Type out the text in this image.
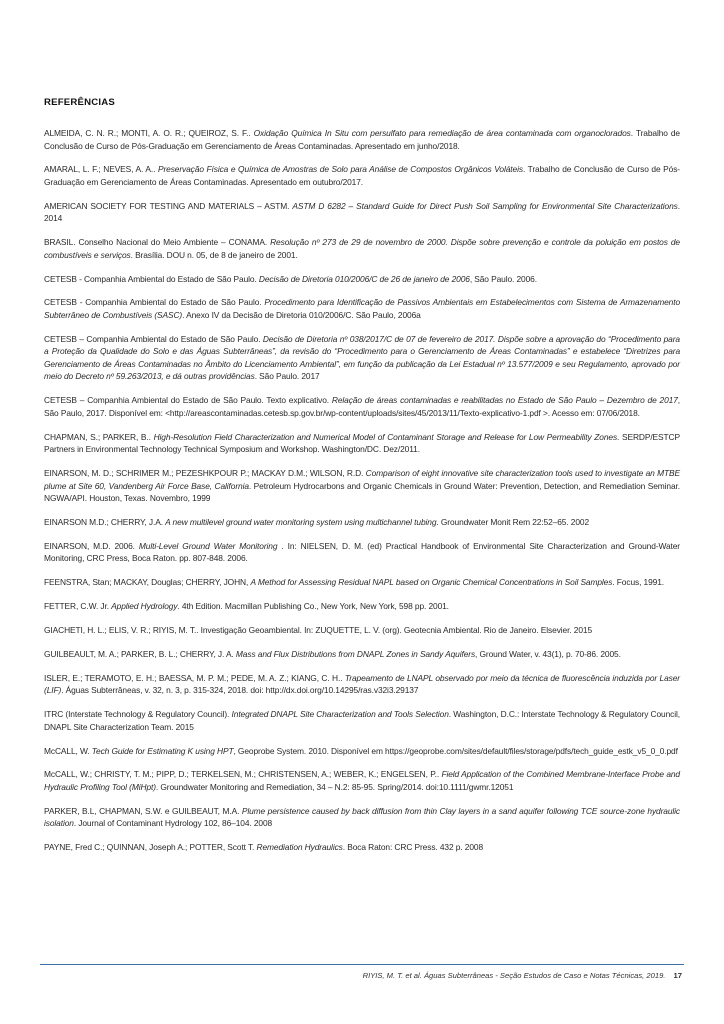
REFERÊNCIAS

ALMEIDA, C. N. R.; MONTI, A. O. R.; QUEIROZ, S. F.. Oxidação Química In Situ com persulfato para remediação de área contaminada com organoclorados. Trabalho de Conclusão de Curso de Pós-Graduação em Gerenciamento de Áreas Contaminadas. Apresentado em junho/2018.

AMARAL, L. F.; NEVES, A. A.. Preservação Física e Química de Amostras de Solo para Análise de Compostos Orgânicos Voláteis. Trabalho de Conclusão de Curso de Pós-Graduação em Gerenciamento de Áreas Contaminadas. Apresentado em outubro/2017.

AMERICAN SOCIETY FOR TESTING AND MATERIALS – ASTM. ASTM D 6282 – Standard Guide for Direct Push Soil Sampling for Environmental Site Characterizations. 2014

BRASIL. Conselho Nacional do Meio Ambiente – CONAMA. Resolução nº 273 de 29 de novembro de 2000. Dispõe sobre prevenção e controle da poluição em postos de combustíveis e serviços. Brasília. DOU n. 05, de 8 de janeiro de 2001.

CETESB - Companhia Ambiental do Estado de São Paulo. Decisão de Diretoria 010/2006/C de 26 de janeiro de 2006, São Paulo. 2006.

CETESB - Companhia Ambiental do Estado de São Paulo. Procedimento para Identificação de Passivos Ambientais em Estabelecimentos com Sistema de Armazenamento Subterrâneo de Combustíveis (SASC). Anexo IV da Decisão de Diretoria 010/2006/C. São Paulo, 2006a

CETESB – Companhia Ambiental do Estado de São Paulo. Decisão de Diretoria nº 038/2017/C de 07 de fevereiro de 2017. Dispõe sobre a aprovação do “Procedimento para a Proteção da Qualidade do Solo e das Águas Subterrâneas”, da revisão do “Procedimento para o Gerenciamento de Áreas Contaminadas” e estabelece “Diretrizes para Gerenciamento de Áreas Contaminadas no Âmbito do Licenciamento Ambiental”, em função da publicação da Lei Estadual nº 13.577/2009 e seu Regulamento, aprovado por meio do Decreto nº 59.263/2013, e dá outras providências. São Paulo. 2017

CETESB – Companhia Ambiental do Estado de São Paulo. Texto explicativo. Relação de áreas contaminadas e reabilitadas no Estado de São Paulo – Dezembro de 2017, São Paulo, 2017. Disponível em: <http://areascontaminadas.cetesb.sp.gov.br/wp-content/uploads/sites/45/2013/11/Texto-explicativo-1.pdf >. Acesso em: 07/06/2018.

CHAPMAN, S.; PARKER, B.. High-Resolution Field Characterization and Numerical Model of Contaminant Storage and Release for Low Permeability Zones. SERDP/ESTCP Partners in Environmental Technology Technical Symposium and Workshop. Washington/DC. Dez/2011.

EINARSON, M. D.; SCHRIMER M.; PEZESHKPOUR P.; MACKAY D.M.; WILSON, R.D. Comparison of eight innovative site characterization tools used to investigate an MTBE plume at Site 60, Vandenberg Air Force Base, California. Petroleum Hydrocarbons and Organic Chemicals in Ground Water: Prevention, Detection, and Remediation Seminar. NGWA/API. Houston, Texas. Novembro, 1999

EINARSON M.D.; CHERRY, J.A. A new multilevel ground water monitoring system using multichannel tubing. Groundwater Monit Rem 22:52–65. 2002

EINARSON, M.D. 2006. Multi-Level Ground Water Monitoring . In: NIELSEN, D. M. (ed) Practical Handbook of Environmental Site Characterization and Ground-Water Monitoring, CRC Press, Boca Raton. pp. 807-848. 2006.

FEENSTRA, Stan; MACKAY, Douglas; CHERRY, JOHN, A Method for Assessing Residual NAPL based on Organic Chemical Concentrations in Soil Samples. Focus, 1991.

FETTER, C.W. Jr. Applied Hydrology. 4th Edition. Macmillan Publishing Co., New York, New York, 598 pp. 2001.

GIACHETI, H. L.; ELIS, V. R.; RIYIS, M. T.. Investigação Geoambiental. In: ZUQUETTE, L. V. (org). Geotecnia Ambiental. Rio de Janeiro. Elsevier. 2015

GUILBEAULT, M. A.; PARKER, B. L.; CHERRY, J. A. Mass and Flux Distributions from DNAPL Zones in Sandy Aquifers, Ground Water, v. 43(1), p. 70-86. 2005.

ISLER, E.; TERAMOTO, E. H.; BAESSA, M. P. M.; PEDE, M. A. Z.; KIANG, C. H.. Trapeamento de LNAPL observado por meio da técnica de fluorescência induzida por Laser (LIF). Águas Subterrâneas, v. 32, n. 3, p. 315-324, 2018. doi: http://dx.doi.org/10.14295/ras.v32i3.29137

ITRC (Interstate Technology & Regulatory Council). Integrated DNAPL Site Characterization and Tools Selection. Washington, D.C.: Interstate Technology & Regulatory Council, DNAPL Site Characterization Team. 2015

McCALL, W. Tech Guide for Estimating K using HPT, Geoprobe System. 2010. Disponível em https://geoprobe.com/sites/default/files/storage/pdfs/tech_guide_estk_v5_0_0.pdf

McCALL, W.; CHRISTY, T. M.; PIPP, D.; TERKELSEN, M.; CHRISTENSEN, A.; WEBER, K.; ENGELSEN, P.. Field Application of the Combined Membrane-Interface Probe and Hydraulic Profiling Tool (MiHpt). Groundwater Monitoring and Remediation, 34 – N.2: 85-95. Spring/2014. doi:10.1111/gwmr.12051

PARKER, B.L, CHAPMAN, S.W. e GUILBEAUT, M.A. Plume persistence caused by back diffusion from thin Clay layers in a sand aquifer following TCE source-zone hydraulic isolation. Journal of Contaminant Hydrology 102, 86–104. 2008

PAYNE, Fred C.; QUINNAN, Joseph A.; POTTER, Scott T. Remediation Hydraulics. Boca Raton: CRC Press. 432 p. 2008

RIYIS, M. T. et al. Águas Subterrâneas - Seção Estudos de Caso e Notas Técnicas, 2019. 17
